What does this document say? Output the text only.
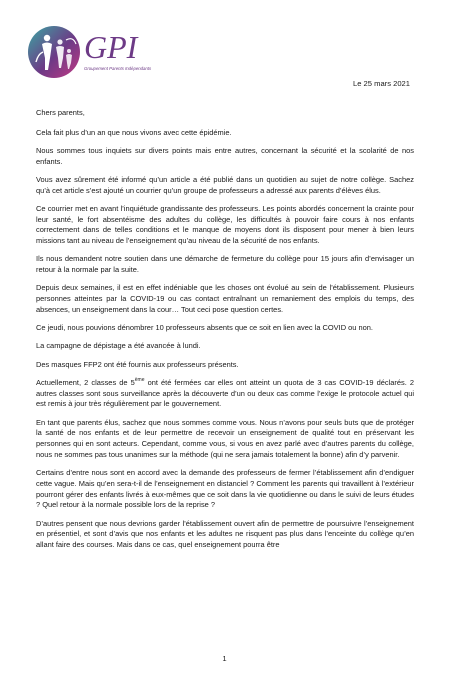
GPI
Groupement Parents Indépendants
Le 25 mars 2021

Chers parents,

Cela fait plus d’un an que nous vivons avec cette épidémie.

Nous sommes tous inquiets sur divers points mais entre autres, concernant la sécurité et la scolarité de nos enfants.

Vous avez sûrement été informé qu’un article a été publié dans un quotidien au sujet de notre collège. Sachez qu’à cet article s’est ajouté un courrier qu’un groupe de professeurs a adressé aux parents d’élèves élus.

Ce courrier met en avant l’inquiétude grandissante des professeurs. Les points abordés concernent la crainte pour leur santé, le fort absentéisme des adultes du collège, les difficultés à pouvoir faire cours à nos enfants correctement dans de telles conditions et le manque de moyens dont ils disposent pour mener à bien leurs missions tant au niveau de l’enseignement qu’au niveau de la sécurité de nos enfants.

Ils nous demandent notre soutien dans une démarche de fermeture du collège pour 15 jours afin d’envisager un retour à la normale par la suite.

Depuis deux semaines, il est en effet indéniable que les choses ont évolué au sein de l’établissement. Plusieurs personnes atteintes par la COVID-19 ou cas contact entraînant un remaniement des emplois du temps, des absences, un enseignement dans la cour… Tout ceci pose question certes.

Ce jeudi, nous pouvions dénombrer 10 professeurs absents que ce soit en lien avec la COVID ou non.

La campagne de dépistage a été avancée à lundi.

Des masques FFP2 ont été fournis aux professeurs présents.

Actuellement, 2 classes de 5ème ont été fermées car elles ont atteint un quota de 3 cas COVID-19 déclarés. 2 autres classes sont sous surveillance après la découverte d’un ou deux cas comme l’exige le protocole actuel qui est remis à jour très régulièrement par le gouvernement.

En tant que parents élus, sachez que nous sommes comme vous. Nous n’avons pour seuls buts que de protéger la santé de nos enfants et de leur permettre de recevoir un enseignement de qualité tout en préservant les personnes qui en sont acteurs. Cependant, comme vous, si vous en avez parlé avec d’autres parents du collège, nous ne sommes pas tous unanimes sur la méthode (qui ne sera jamais totalement la bonne) afin d’y parvenir.

Certains d’entre nous sont en accord avec la demande des professeurs de fermer l’établissement afin d’endiguer cette vague. Mais qu’en sera-t-il de l’enseignement en distanciel ? Comment les parents qui travaillent à l’extérieur pourront gérer des enfants livrés à eux-mêmes que ce soit dans la vie quotidienne ou dans le suivi de leurs études ? Quel retour à la normale possible lors de la reprise ?

D’autres pensent que nous devrions garder l’établissement ouvert afin de permettre de poursuivre l’enseignement en présentiel, et sont d’avis que nos enfants et les adultes ne risquent pas plus dans l’enceinte du collège qu’en allant faire des courses. Mais dans ce cas, quel enseignement pourra être

1
